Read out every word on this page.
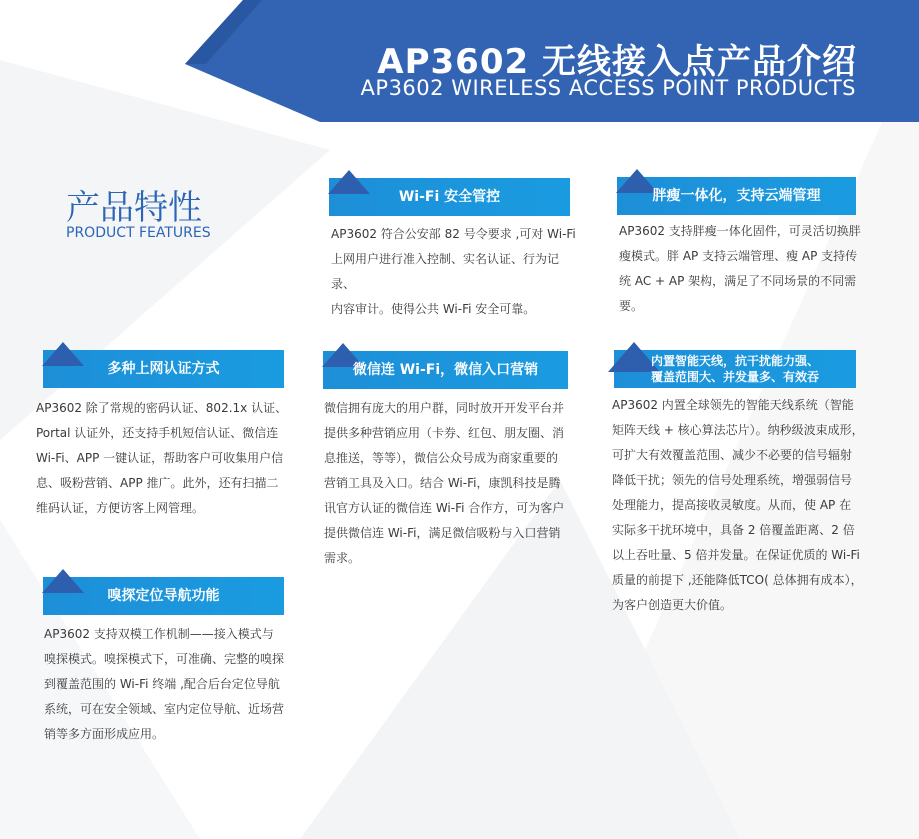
AP3602 无线接入点产品介绍
AP3602 WIRELESS ACCESS POINT PRODUCTS
产品特性
PRODUCT FEATURES
Wi-Fi 安全管控

AP3602 符合公安部 82 号令要求 ,可对 Wi-Fi

上网用户进行准入控制、实名认证、行为记录、

内容审计。使得公共 Wi-Fi 安全可靠。

胖瘦一体化，支持云端管理

AP3602 支持胖瘦一体化固件，可灵活切换胖

瘦模式。胖 AP 支持云端管理、瘦 AP 支持传

统 AC + AP 架构，满足了不同场景的不同需

要。

多种上网认证方式

AP3602 除了常规的密码认证、802.1x 认证、

Portal 认证外，还支持手机短信认证、微信连

Wi-Fi、APP 一键认证，帮助客户可收集用户信

息、吸粉营销、APP 推广。此外，还有扫描二

维码认证，方便访客上网管理。

微信连 Wi-Fi，微信入口营销

微信拥有庞大的用户群，同时放开开发平台并

提供多种营销应用（卡券、红包、朋友圈、消

息推送，等等），微信公众号成为商家重要的

营销工具及入口。结合 Wi-Fi，康凯科技是腾

讯官方认证的微信连 Wi-Fi 合作方，可为客户

提供微信连 Wi-Fi，满足微信吸粉与入口营销

需求。

内置智能天线，抗干扰能力强、
覆盖范围大、并发量多、有效吞

AP3602 内置全球领先的智能天线系统（智能

矩阵天线 + 核心算法芯片）。纳秒级波束成形，

可扩大有效覆盖范围、减少不必要的信号辐射

降低干扰；领先的信号处理系统，增强弱信号

处理能力，提高接收灵敏度。从而，使 AP 在

实际多干扰环境中，具备 2 倍覆盖距离、2 倍

以上吞吐量、5 倍并发量。在保证优质的 Wi-Fi

质量的前提下 ,还能降低TCO( 总体拥有成本），

为客户创造更大价值。

嗅探定位导航功能

AP3602 支持双模工作机制——接入模式与

嗅探模式。嗅探模式下，可准确、完整的嗅探

到覆盖范围的 Wi-Fi 终端 ,配合后台定位导航

系统，可在安全领域、室内定位导航、近场营

销等多方面形成应用。
